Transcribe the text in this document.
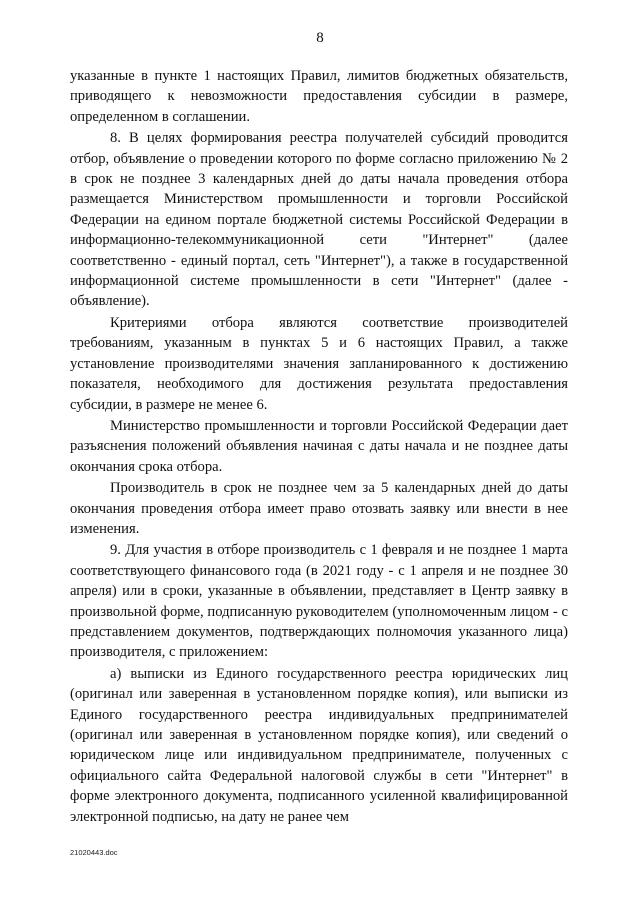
8

указанные в пункте 1 настоящих Правил, лимитов бюджетных обязательств, приводящего к невозможности предоставления субсидии в размере, определенном в соглашении.

8. В целях формирования реестра получателей субсидий проводится отбор, объявление о проведении которого по форме согласно приложению № 2 в срок не позднее 3 календарных дней до даты начала проведения отбора размещается Министерством промышленности и торговли Российской Федерации на едином портале бюджетной системы Российской Федерации в информационно-телекоммуникационной сети "Интернет" (далее соответственно - единый портал, сеть "Интернет"), а также в государственной информационной системе промышленности в сети "Интернет" (далее - объявление).

Критериями отбора являются соответствие производителей требованиям, указанным в пунктах 5 и 6 настоящих Правил, а также установление производителями значения запланированного к достижению показателя, необходимого для достижения результата предоставления субсидии, в размере не менее 6.

Министерство промышленности и торговли Российской Федерации дает разъяснения положений объявления начиная с даты начала и не позднее даты окончания срока отбора.

Производитель в срок не позднее чем за 5 календарных дней до даты окончания проведения отбора имеет право отозвать заявку или внести в нее изменения.

9. Для участия в отборе производитель с 1 февраля и не позднее 1 марта соответствующего финансового года (в 2021 году - с 1 апреля и не позднее 30 апреля) или в сроки, указанные в объявлении, представляет в Центр заявку в произвольной форме, подписанную руководителем (уполномоченным лицом - с представлением документов, подтверждающих полномочия указанного лица) производителя, с приложением:

а) выписки из Единого государственного реестра юридических лиц (оригинал или заверенная в установленном порядке копия), или выписки из Единого государственного реестра индивидуальных предпринимателей (оригинал или заверенная в установленном порядке копия), или сведений о юридическом лице или индивидуальном предпринимателе, полученных с официального сайта Федеральной налоговой службы в сети "Интернет" в форме электронного документа, подписанного усиленной квалифицированной электронной подписью, на дату не ранее чем

21020443.doc
